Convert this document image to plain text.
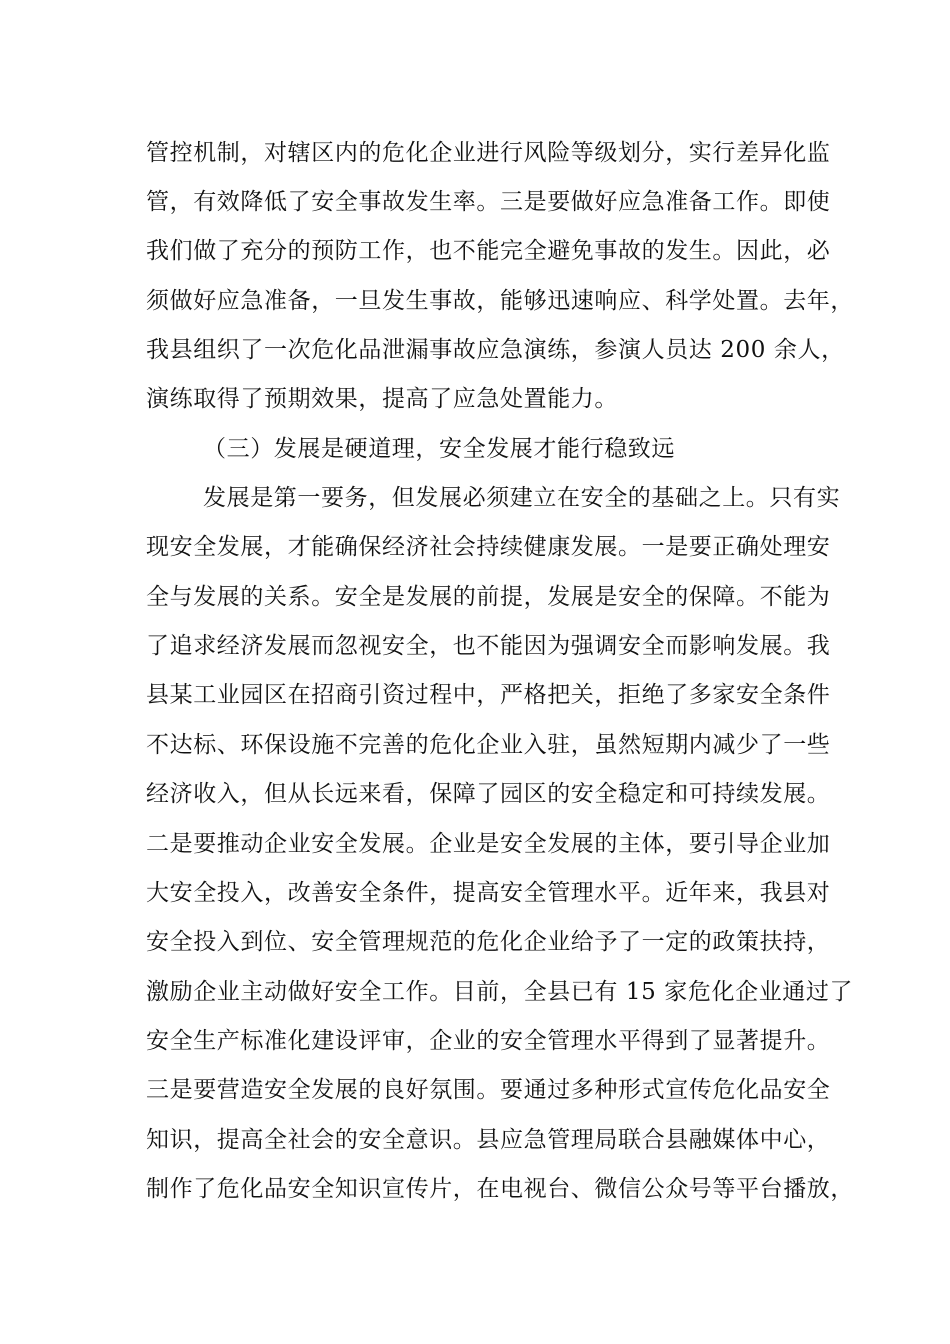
管控机制，对辖区内的危化企业进行风险等级划分，实行差异化监
管，有效降低了安全事故发生率。三是要做好应急准备工作。即使
我们做了充分的预防工作，也不能完全避免事故的发生。因此，必
须做好应急准备，一旦发生事故，能够迅速响应、科学处置。去年，
我县组织了一次危化品泄漏事故应急演练，参演人员达 200 余人，
演练取得了预期效果，提高了应急处置能力。
（三）发展是硬道理，安全发展才能行稳致远
发展是第一要务，但发展必须建立在安全的基础之上。只有实
现安全发展，才能确保经济社会持续健康发展。一是要正确处理安
全与发展的关系。安全是发展的前提，发展是安全的保障。不能为
了追求经济发展而忽视安全，也不能因为强调安全而影响发展。我
县某工业园区在招商引资过程中，严格把关，拒绝了多家安全条件
不达标、环保设施不完善的危化企业入驻，虽然短期内减少了一些
经济收入，但从长远来看，保障了园区的安全稳定和可持续发展。
二是要推动企业安全发展。企业是安全发展的主体，要引导企业加
大安全投入，改善安全条件，提高安全管理水平。近年来，我县对
安全投入到位、安全管理规范的危化企业给予了一定的政策扶持，
激励企业主动做好安全工作。目前，全县已有 15 家危化企业通过了
安全生产标准化建设评审，企业的安全管理水平得到了显著提升。
三是要营造安全发展的良好氛围。要通过多种形式宣传危化品安全
知识，提高全社会的安全意识。县应急管理局联合县融媒体中心，
制作了危化品安全知识宣传片，在电视台、微信公众号等平台播放，
